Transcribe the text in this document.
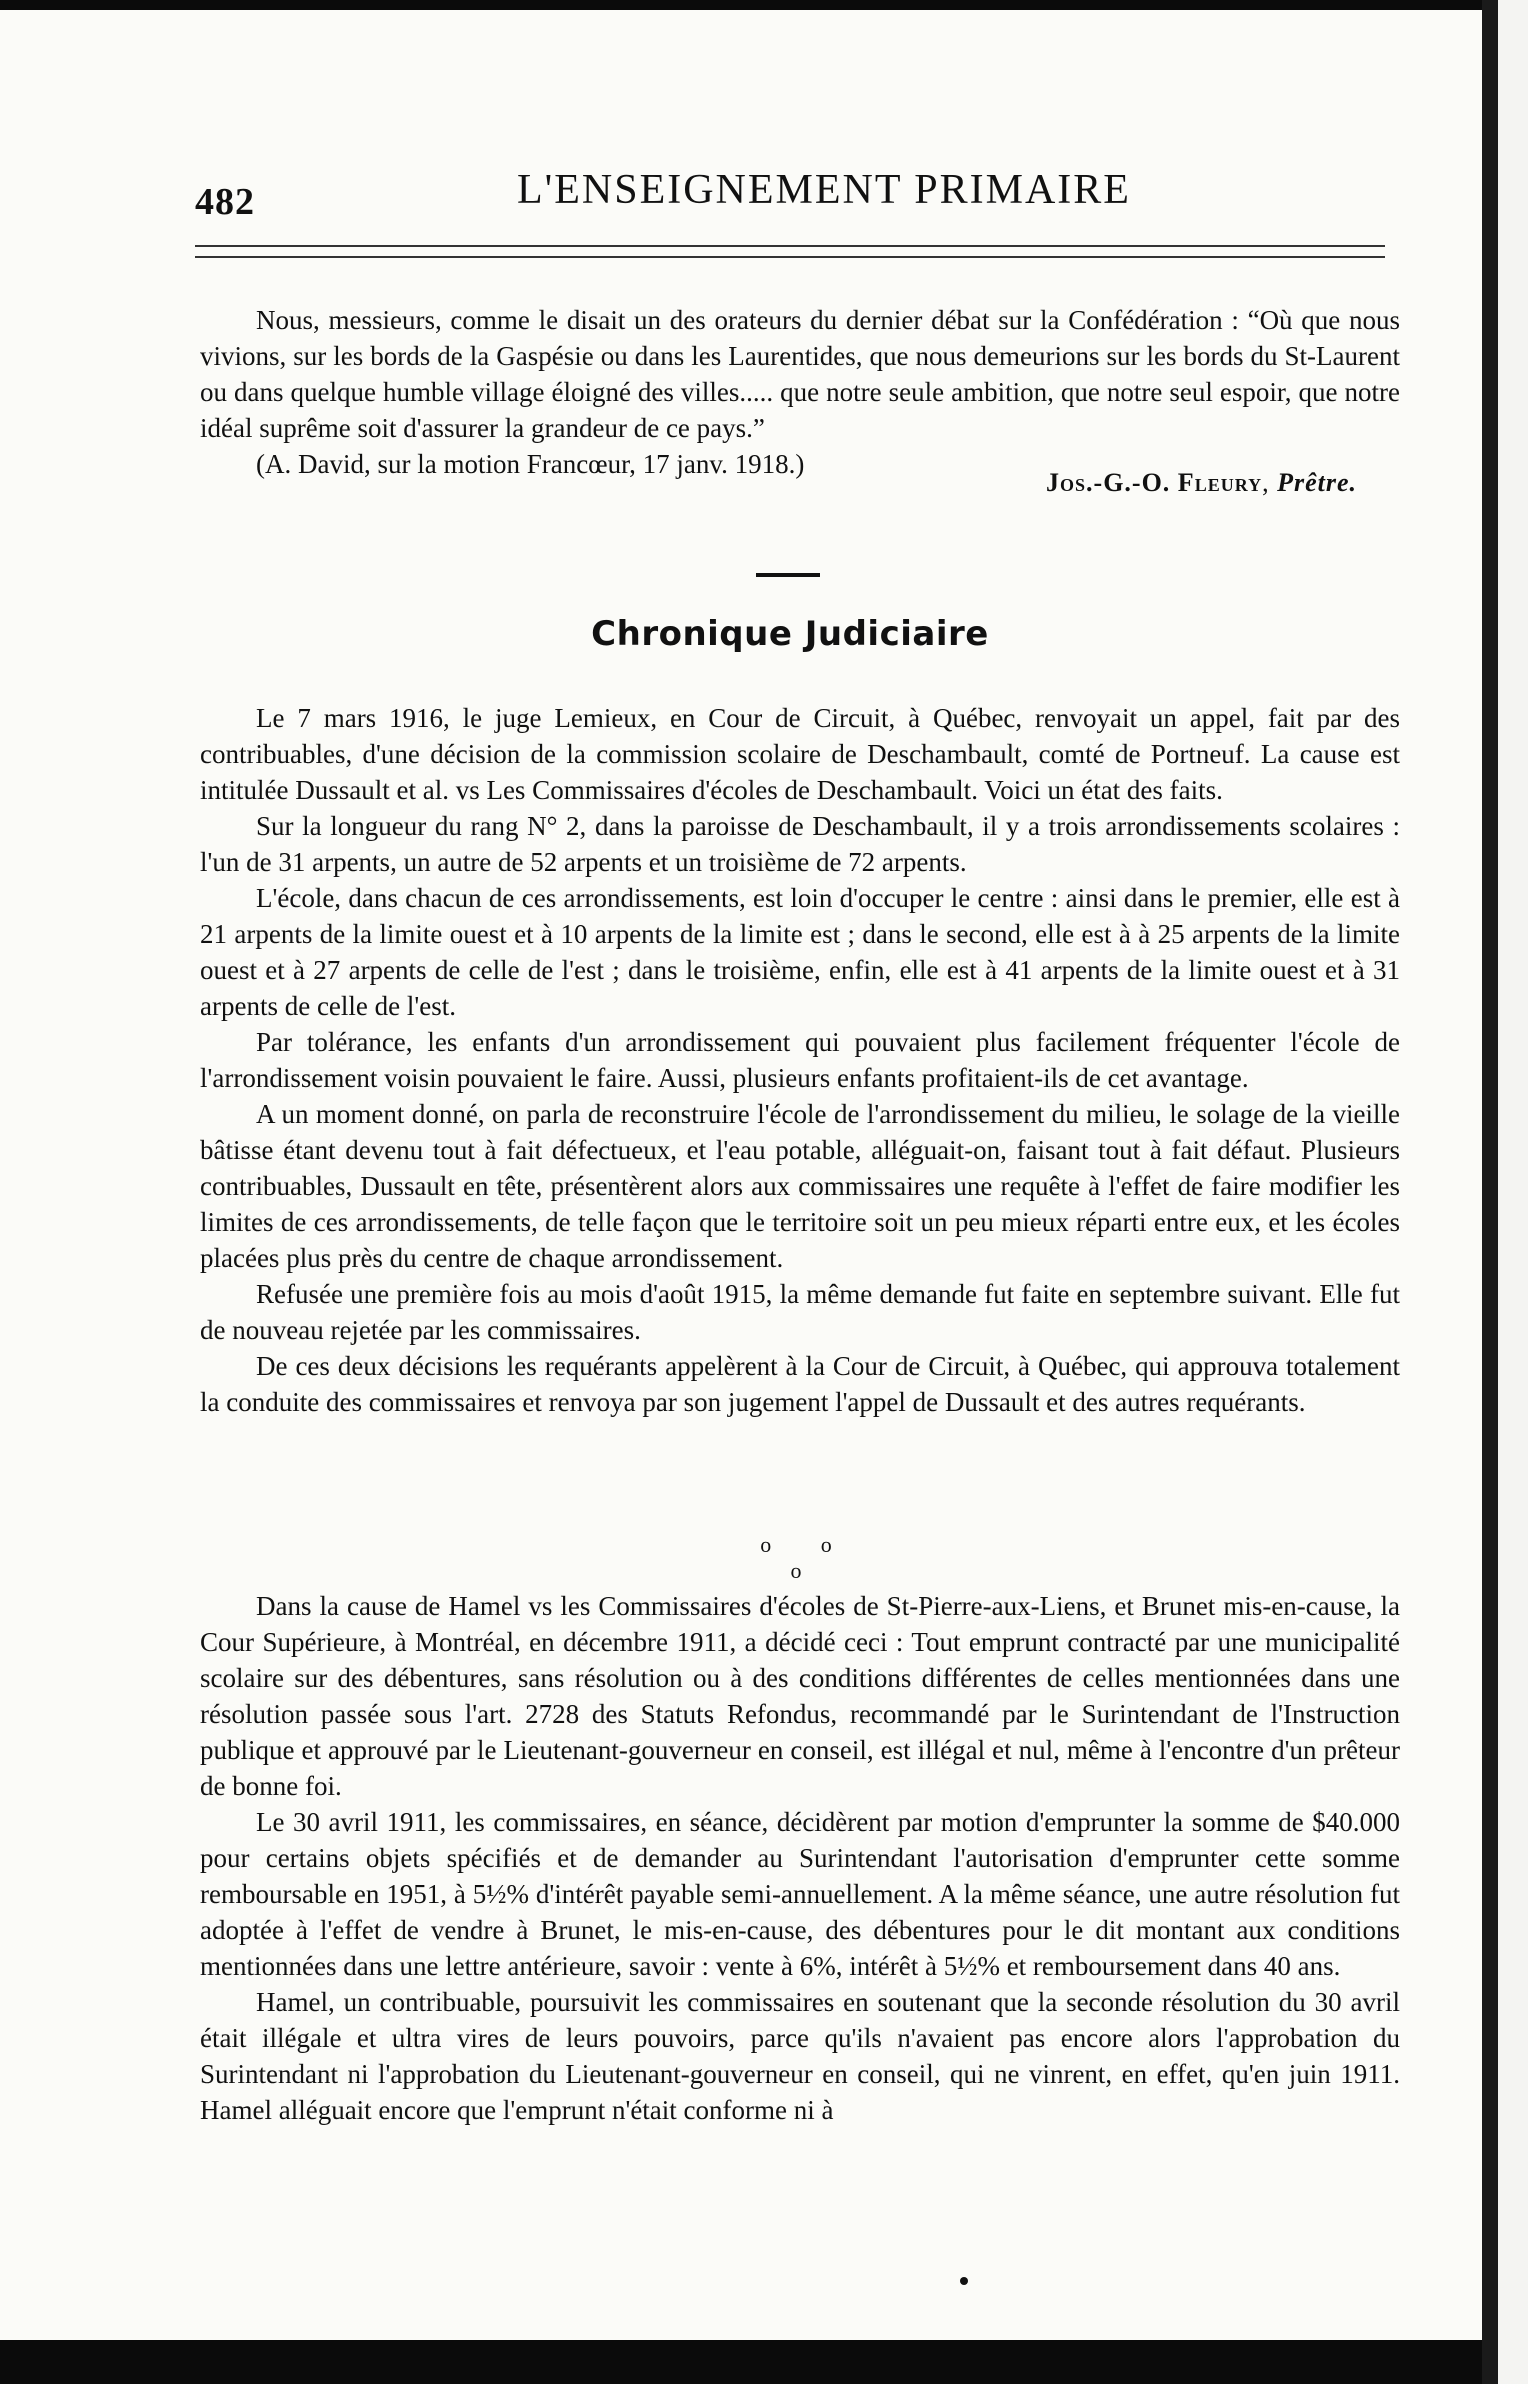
482	L'ENSEIGNEMENT PRIMAIRE

Nous, messieurs, comme le disait un des orateurs du dernier débat sur la Confédération : “Où que nous vivions, sur les bords de la Gaspésie ou dans les Laurentides, que nous demeurions sur les bords du St-Laurent ou dans quelque humble village éloigné des villes..... que notre seule ambition, que notre seul espoir, que notre idéal suprême soit d'assurer la grandeur de ce pays.”

(A. David, sur la motion Francœur, 17 janv. 1918.)

Jos.-G.-O. Fleury, Prêtre.
Chronique Judiciaire

Le 7 mars 1916, le juge Lemieux, en Cour de Circuit, à Québec, renvoyait un appel, fait par des contribuables, d'une décision de la commission scolaire de Deschambault, comté de Portneuf. La cause est intitulée Dussault et al. vs Les Commissaires d'écoles de Deschambault. Voici un état des faits.

Sur la longueur du rang N° 2, dans la paroisse de Deschambault, il y a trois arrondissements scolaires : l'un de 31 arpents, un autre de 52 arpents et un troisième de 72 arpents.

L'école, dans chacun de ces arrondissements, est loin d'occuper le centre : ainsi dans le premier, elle est à 21 arpents de la limite ouest et à 10 arpents de la limite est ; dans le second, elle est à à 25 arpents de la limite ouest et à 27 arpents de celle de l'est ; dans le troisième, enfin, elle est à 41 arpents de la limite ouest et à 31 arpents de celle de l'est.

Par tolérance, les enfants d'un arrondissement qui pouvaient plus facilement fréquenter l'école de l'arrondissement voisin pouvaient le faire. Aussi, plusieurs enfants profitaient-ils de cet avantage.

A un moment donné, on parla de reconstruire l'école de l'arrondissement du milieu, le solage de la vieille bâtisse étant devenu tout à fait défectueux, et l'eau potable, alléguait-on, faisant tout à fait défaut. Plusieurs contribuables, Dussault en tête, présentèrent alors aux commissaires une requête à l'effet de faire modifier les limites de ces arrondissements, de telle façon que le territoire soit un peu mieux réparti entre eux, et les écoles placées plus près du centre de chaque arrondissement.

Refusée une première fois au mois d'août 1915, la même demande fut faite en septembre suivant. Elle fut de nouveau rejetée par les commissaires.

De ces deux décisions les requérants appelèrent à la Cour de Circuit, à Québec, qui approuva totalement la conduite des commissaires et renvoya par son jugement l'appel de Dussault et des autres requérants.

o o o

Dans la cause de Hamel vs les Commissaires d'écoles de St-Pierre-aux-Liens, et Brunet mis-en-cause, la Cour Supérieure, à Montréal, en décembre 1911, a décidé ceci : Tout emprunt contracté par une municipalité scolaire sur des débentures, sans résolution ou à des conditions différentes de celles mentionnées dans une résolution passée sous l'art. 2728 des Statuts Refondus, recommandé par le Surintendant de l'Instruction publique et approuvé par le Lieutenant-gouverneur en conseil, est illégal et nul, même à l'encontre d'un prêteur de bonne foi.

Le 30 avril 1911, les commissaires, en séance, décidèrent par motion d'emprunter la somme de $40.000 pour certains objets spécifiés et de demander au Surintendant l'autorisation d'emprunter cette somme remboursable en 1951, à 5½% d'intérêt payable semi-annuellement. A la même séance, une autre résolution fut adoptée à l'effet de vendre à Brunet, le mis-en-cause, des débentures pour le dit montant aux conditions mentionnées dans une lettre antérieure, savoir : vente à 6%, intérêt à 5½% et remboursement dans 40 ans.

Hamel, un contribuable, poursuivit les commissaires en soutenant que la seconde résolution du 30 avril était illégale et ultra vires de leurs pouvoirs, parce qu'ils n'avaient pas encore alors l'approbation du Surintendant ni l'approbation du Lieutenant-gouverneur en conseil, qui ne vinrent, en effet, qu'en juin 1911. Hamel alléguait encore que l'emprunt n'était conforme ni à
